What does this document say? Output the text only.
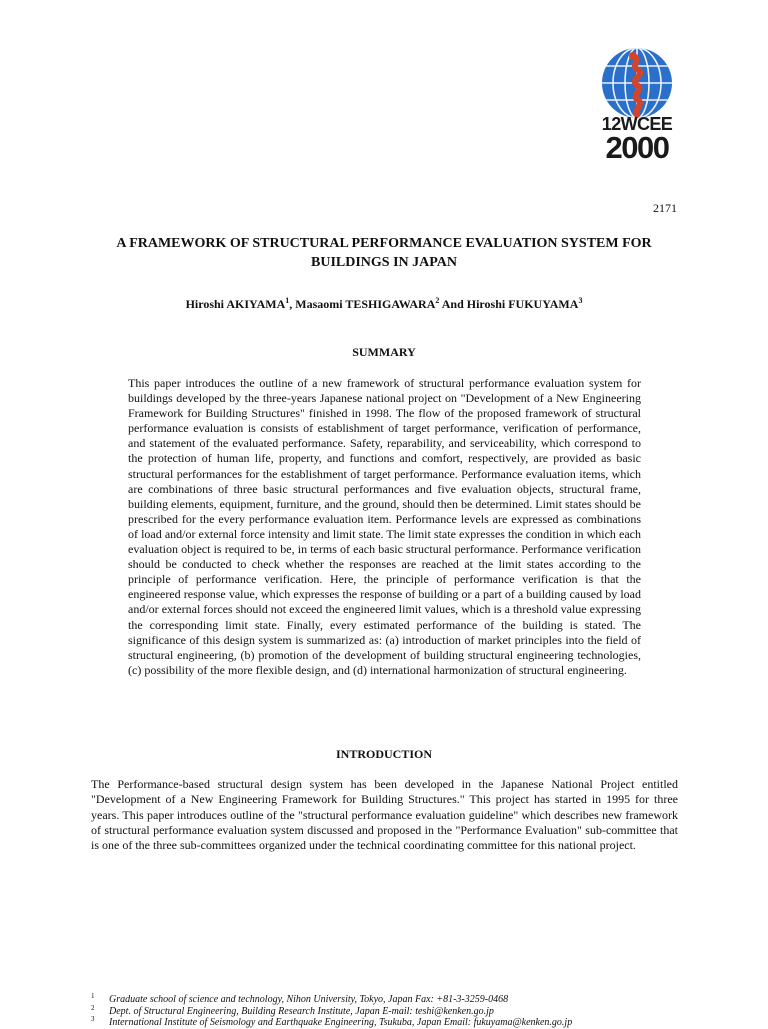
12WCEE
2000
2171
A FRAMEWORK OF STRUCTURAL PERFORMANCE EVALUATION SYSTEM FOR BUILDINGS IN JAPAN
Hiroshi AKIYAMA$^1$, Masaomi TESHIGAWARA$^2$ And Hiroshi FUKUYAMA$^3$
SUMMARY

This paper introduces the outline of a new framework of structural performance evaluation system for buildings developed by the three-years Japanese national project on "Development of a New Engineering Framework for Building Structures" finished in 1998. The flow of the proposed framework of structural performance evaluation is consists of establishment of target performance, verification of performance, and statement of the evaluated performance. Safety, reparability, and serviceability, which correspond to the protection of human life, property, and functions and comfort, respectively, are provided as basic structural performances for the establishment of target performance. Performance evaluation items, which are combinations of three basic structural performances and five evaluation objects, structural frame, building elements, equipment, furniture, and the ground, should then be determined. Limit states should be prescribed for the every performance evaluation item. Performance levels are expressed as combinations of load and/or external force intensity and limit state. The limit state expresses the condition in which each evaluation object is required to be, in terms of each basic structural performance. Performance verification should be conducted to check whether the responses are reached at the limit states according to the principle of performance verification. Here, the principle of performance verification is that the engineered response value, which expresses the response of building or a part of a building caused by load and/or external forces should not exceed the engineered limit values, which is a threshold value expressing the corresponding limit state. Finally, every estimated performance of the building is stated. The significance of this design system is summarized as: (a) introduction of market principles into the field of structural engineering, (b) promotion of the development of building structural engineering technologies, (c) possibility of the more flexible design, and (d) international harmonization of structural engineering.

INTRODUCTION

The Performance-based structural design system has been developed in the Japanese National Project entitled "Development of a New Engineering Framework for Building Structures." This project has started in 1995 for three years. This paper introduces outline of the "structural performance evaluation guideline" which describes new framework of structural performance evaluation system discussed and proposed in the "Performance Evaluation" sub-committee that is one of the three sub-committees organized under the technical coordinating committee for this national project.

1 Graduate school of science and technology, Nihon University, Tokyo, Japan Fax: +81-3-3259-0468
2 Dept. of Structural Engineering, Building Research Institute, Japan E-mail: teshi@kenken.go.jp
3 International Institute of Seismology and Earthquake Engineering, Tsukuba, Japan Email: fukuyama@kenken.go.jp
